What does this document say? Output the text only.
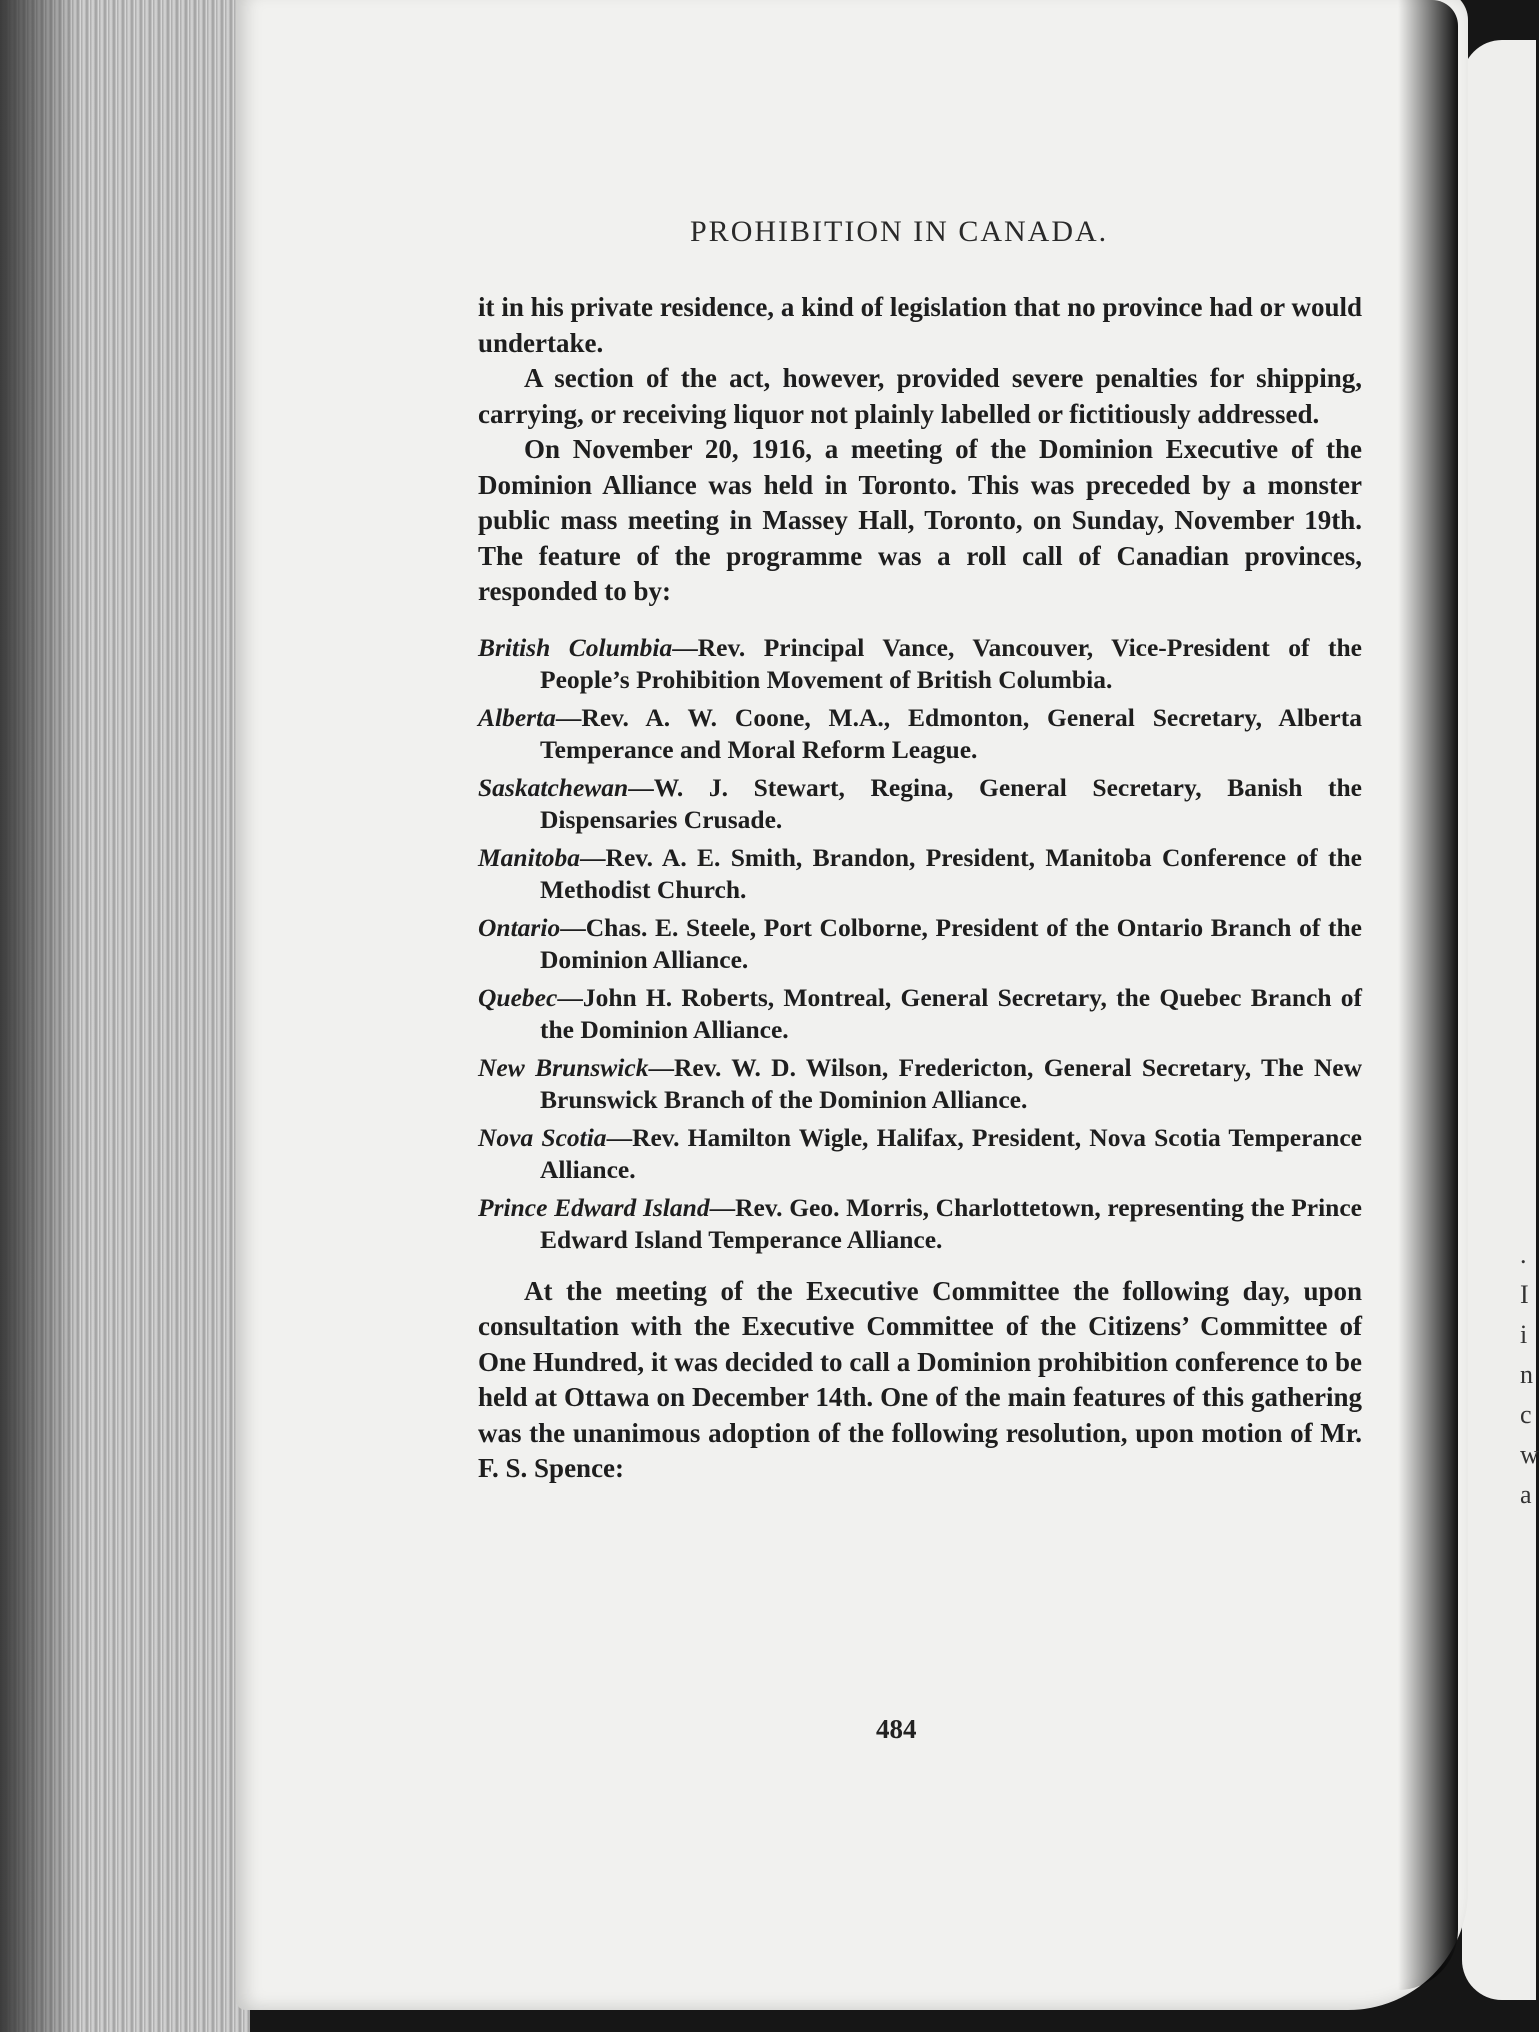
.
I
i
n
c
w
a
PROHIBITION IN CANADA.

it in his private residence, a kind of legislation that no province had or would undertake.

A section of the act, however, provided severe penalties for shipping, carrying, or receiving liquor not plainly labelled or fictitiously addressed.

On November 20, 1916, a meeting of the Dominion Executive of the Dominion Alliance was held in Toronto. This was preceded by a monster public mass meeting in Massey Hall, Toronto, on Sunday, November 19th. The feature of the programme was a roll call of Canadian provinces, responded to by:

British Columbia—Rev. Principal Vance, Vancouver, Vice-President of the People’s Prohibition Movement of British Columbia.

Alberta—Rev. A. W. Coone, M.A., Edmonton, General Secretary, Alberta Temperance and Moral Reform League.

Saskatchewan—W. J. Stewart, Regina, General Secretary, Banish the Dispensaries Crusade.

Manitoba—Rev. A. E. Smith, Brandon, President, Manitoba Conference of the Methodist Church.

Ontario—Chas. E. Steele, Port Colborne, President of the Ontario Branch of the Dominion Alliance.

Quebec—John H. Roberts, Montreal, General Secretary, the Quebec Branch of the Dominion Alliance.

New Brunswick—Rev. W. D. Wilson, Fredericton, General Secretary, The New Brunswick Branch of the Dominion Alliance.

Nova Scotia—Rev. Hamilton Wigle, Halifax, President, Nova Scotia Temperance Alliance.

Prince Edward Island—Rev. Geo. Morris, Charlottetown, representing the Prince Edward Island Temperance Alliance.

At the meeting of the Executive Committee the following day, upon consultation with the Executive Committee of the Citizens’ Committee of One Hundred, it was decided to call a Dominion prohibition conference to be held at Ottawa on December 14th. One of the main features of this gathering was the unanimous adoption of the following resolution, upon motion of Mr. F. S. Spence:

484
